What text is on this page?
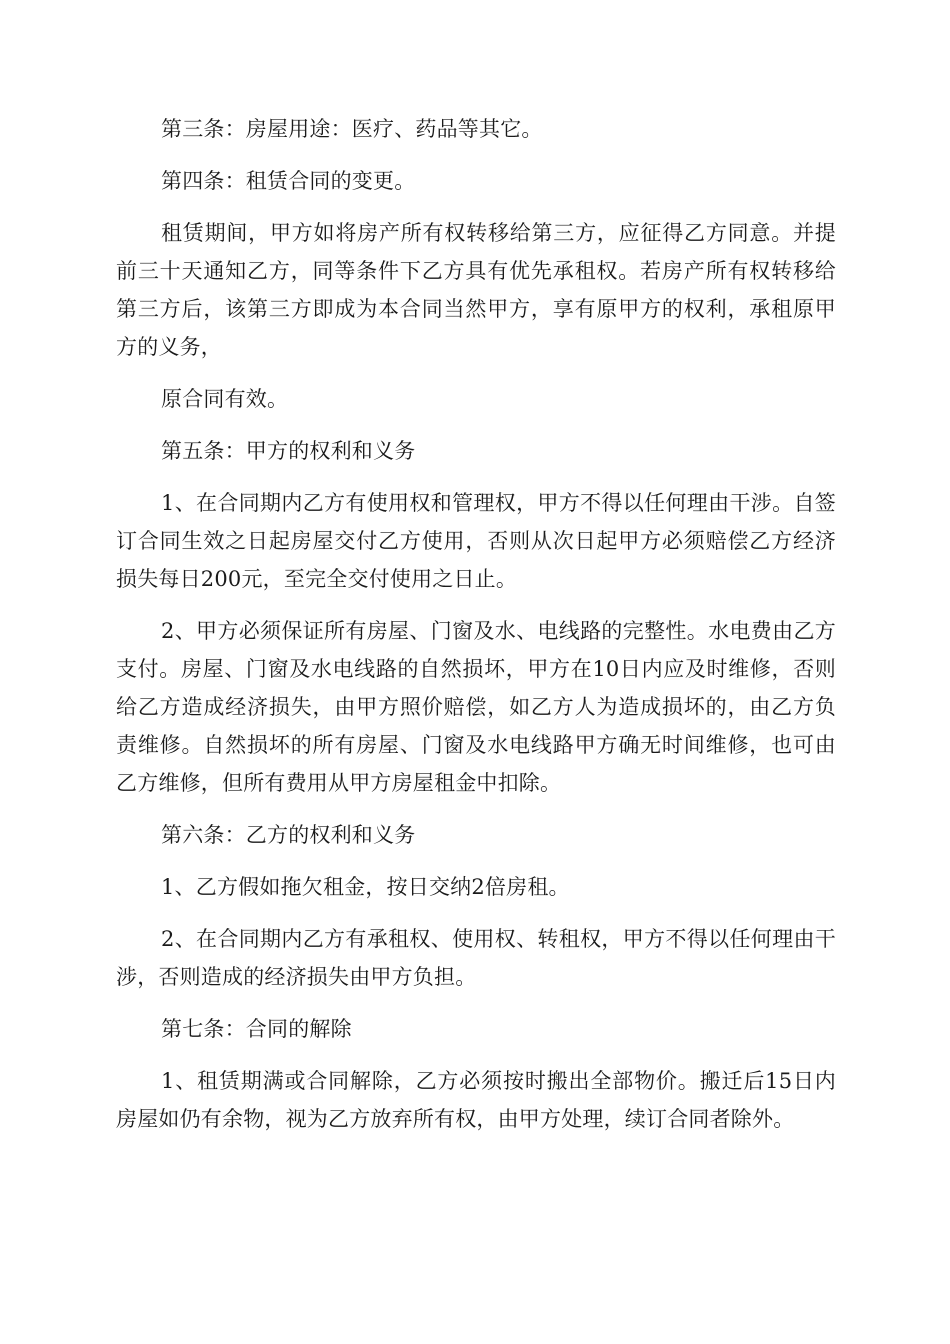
第三条：房屋用途：医疗、药品等其它。

第四条：租赁合同的变更。

租赁期间，甲方如将房产所有权转移给第三方，应征得乙方同意。并提前三十天通知乙方，同等条件下乙方具有优先承租权。若房产所有权转移给第三方后，该第三方即成为本合同当然甲方，享有原甲方的权利，承租原甲方的义务，

原合同有效。

第五条：甲方的权利和义务

1、在合同期内乙方有使用权和管理权，甲方不得以任何理由干涉。自签订合同生效之日起房屋交付乙方使用，否则从次日起甲方必须赔偿乙方经济损失每日200元，至完全交付使用之日止。

2、甲方必须保证所有房屋、门窗及水、电线路的完整性。水电费由乙方支付。房屋、门窗及水电线路的自然损坏，甲方在10日内应及时维修，否则给乙方造成经济损失，由甲方照价赔偿，如乙方人为造成损坏的，由乙方负责维修。自然损坏的所有房屋、门窗及水电线路甲方确无时间维修，也可由乙方维修，但所有费用从甲方房屋租金中扣除。

第六条：乙方的权利和义务

1、乙方假如拖欠租金，按日交纳2倍房租。

2、在合同期内乙方有承租权、使用权、转租权，甲方不得以任何理由干涉，否则造成的经济损失由甲方负担。

第七条：合同的解除

1、租赁期满或合同解除，乙方必须按时搬出全部物价。搬迁后15日内房屋如仍有余物，视为乙方放弃所有权，由甲方处理，续订合同者除外。
